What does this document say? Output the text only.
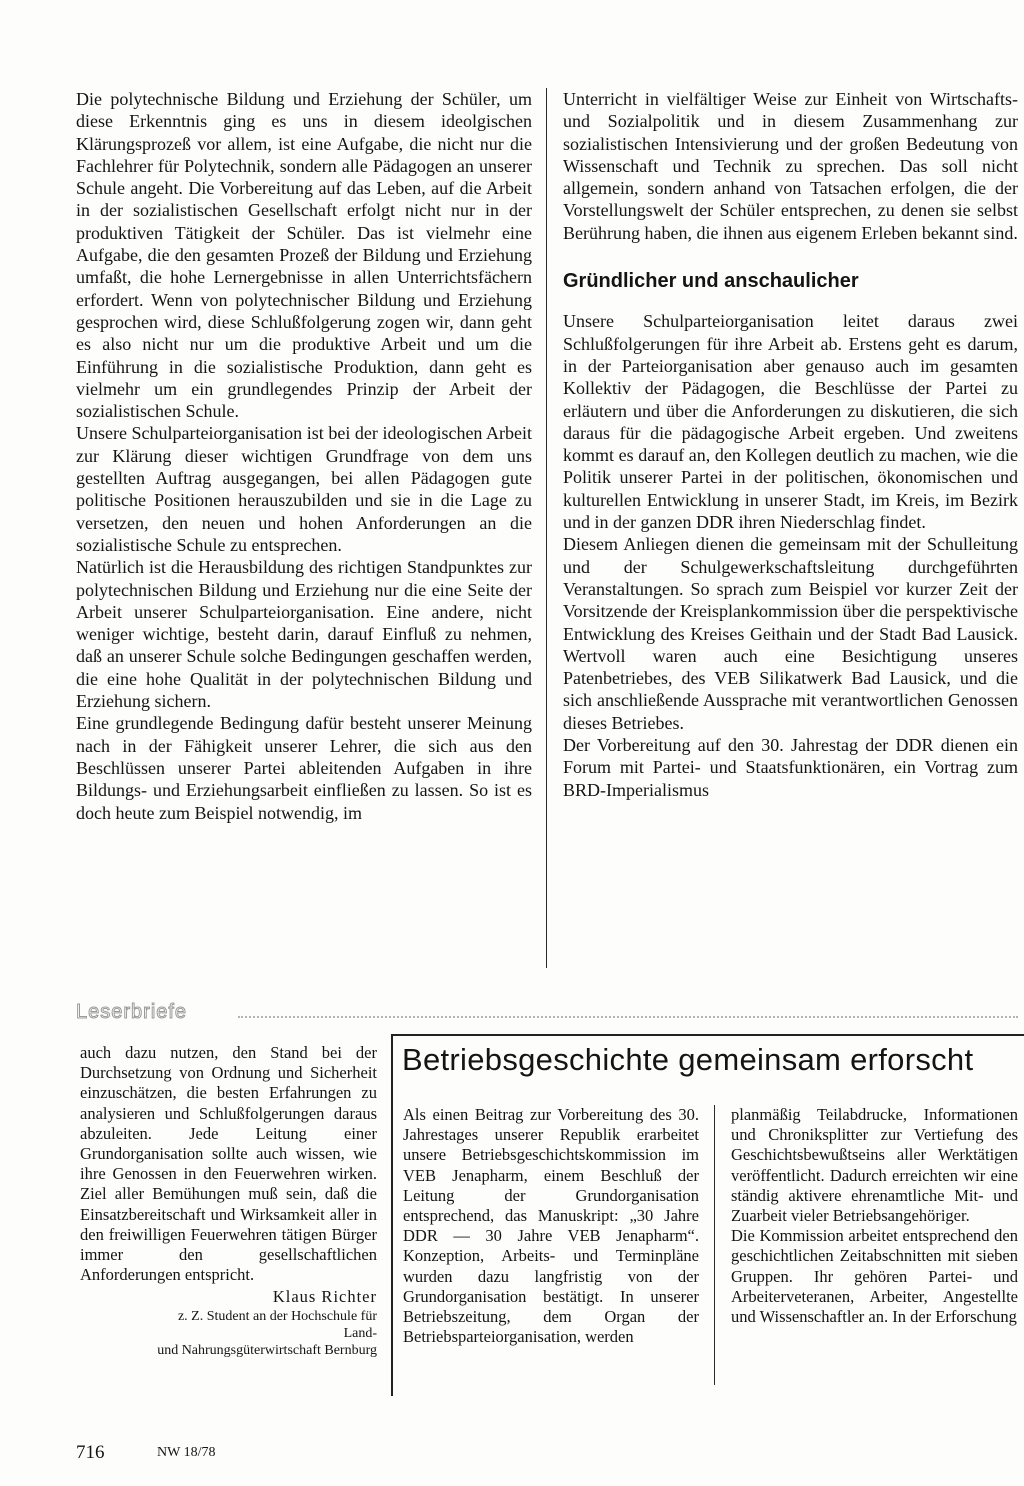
Die polytechnische Bildung und Erziehung der Schüler, um diese Erkenntnis ging es uns in diesem ideolgischen Klärungsprozeß vor allem, ist eine Aufgabe, die nicht nur die Fachlehrer für Polytechnik, sondern alle Pädagogen an unserer Schule angeht. Die Vorbereitung auf das Leben, auf die Arbeit in der sozialistischen Gesellschaft erfolgt nicht nur in der produktiven Tätigkeit der Schüler. Das ist vielmehr eine Aufgabe, die den gesamten Prozeß der Bildung und Erziehung umfaßt, die hohe Lernergebnisse in allen Unterrichtsfächern erfordert. Wenn von polytechnischer Bildung und Erziehung gesprochen wird, diese Schlußfolgerung zogen wir, dann geht es also nicht nur um die produktive Arbeit und um die Einführung in die sozialistische Produktion, dann geht es vielmehr um ein grundlegendes Prinzip der Arbeit der sozialistischen Schule.

Unsere Schulparteiorganisation ist bei der ideologischen Arbeit zur Klärung dieser wichtigen Grundfrage von dem uns gestellten Auftrag ausgegangen, bei allen Pädagogen gute politische Positionen herauszubilden und sie in die Lage zu versetzen, den neuen und hohen Anforderungen an die sozialistische Schule zu entsprechen.

Natürlich ist die Herausbildung des richtigen Standpunktes zur polytechnischen Bildung und Erziehung nur die eine Seite der Arbeit unserer Schulparteiorganisation. Eine andere, nicht weniger wichtige, besteht darin, darauf Einfluß zu nehmen, daß an unserer Schule solche Bedingungen geschaffen werden, die eine hohe Qualität in der polytechnischen Bildung und Erziehung sichern.

Eine grundlegende Bedingung dafür besteht unserer Meinung nach in der Fähigkeit unserer Lehrer, die sich aus den Beschlüssen unserer Partei ableitenden Aufgaben in ihre Bildungs- und Erziehungsarbeit einfließen zu lassen. So ist es doch heute zum Beispiel notwendig, im

Unterricht in vielfältiger Weise zur Einheit von Wirtschafts- und Sozialpolitik und in diesem Zusammenhang zur sozialistischen Intensivierung und der großen Bedeutung von Wissenschaft und Technik zu sprechen. Das soll nicht allgemein, sondern anhand von Tatsachen erfolgen, die der Vorstellungswelt der Schüler entsprechen, zu denen sie selbst Berührung haben, die ihnen aus eigenem Erleben bekannt sind.

Gründlicher und anschaulicher

Unsere Schulparteiorganisation leitet daraus zwei Schlußfolgerungen für ihre Arbeit ab. Erstens geht es darum, in der Parteiorganisation aber genauso auch im gesamten Kollektiv der Pädagogen, die Beschlüsse der Partei zu erläutern und über die Anforderungen zu diskutieren, die sich daraus für die pädagogische Arbeit ergeben. Und zweitens kommt es darauf an, den Kollegen deutlich zu machen, wie die Politik unserer Partei in der politischen, ökonomischen und kulturellen Entwicklung in unserer Stadt, im Kreis, im Bezirk und in der ganzen DDR ihren Niederschlag findet.

Diesem Anliegen dienen die gemeinsam mit der Schulleitung und der Schulgewerkschaftsleitung durchgeführten Veranstaltungen. So sprach zum Beispiel vor kurzer Zeit der Vorsitzende der Kreisplankommission über die perspektivische Entwicklung des Kreises Geithain und der Stadt Bad Lausick. Wertvoll waren auch eine Besichtigung unseres Patenbetriebes, des VEB Silikatwerk Bad Lausick, und die sich anschließende Aussprache mit verantwortlichen Genossen dieses Betriebes.

Der Vorbereitung auf den 30. Jahrestag der DDR dienen ein Forum mit Partei- und Staatsfunktionären, ein Vortrag zum BRD-Imperialismus

Leserbriefe

auch dazu nutzen, den Stand bei der Durchsetzung von Ordnung und Sicherheit einzuschätzen, die besten Erfahrungen zu analysieren und Schlußfolgerungen daraus abzuleiten. Jede Leitung einer Grundorganisation sollte auch wissen, wie ihre Genossen in den Feuerwehren wirken. Ziel aller Bemühungen muß sein, daß die Einsatzbereitschaft und Wirksamkeit aller in den freiwilligen Feuerwehren tätigen Bürger immer den gesellschaftlichen Anforderungen entspricht.

Klaus Richter

z. Z. Student an der Hochschule für

Land-

und Nahrungsgüterwirtschaft Bernburg

Betriebsgeschichte gemeinsam erforscht

Als einen Beitrag zur Vorbereitung des 30. Jahrestages unserer Republik erarbeitet unsere Betriebsgeschichtskommission im VEB Jenapharm, einem Beschluß der Leitung der Grundorganisation entsprechend, das Manuskript: „30 Jahre DDR — 30 Jahre VEB Jenapharm“. Konzeption, Arbeits- und Terminpläne wurden dazu langfristig von der Grundorganisation bestätigt. In unserer Betriebszeitung, dem Organ der Betriebsparteiorganisation, werden

planmäßig Teilabdrucke, Informationen und Chroniksplitter zur Vertiefung des Geschichtsbewußtseins aller Werktätigen veröffentlicht. Dadurch erreichten wir eine ständig aktivere ehrenamtliche Mit- und Zuarbeit vieler Betriebsangehöriger.

Die Kommission arbeitet entsprechend den geschichtlichen Zeitabschnitten mit sieben Gruppen. Ihr gehören Partei- und Arbeiterveteranen, Arbeiter, Angestellte und Wissenschaftler an. In der Erforschung

716	NW 18/78
